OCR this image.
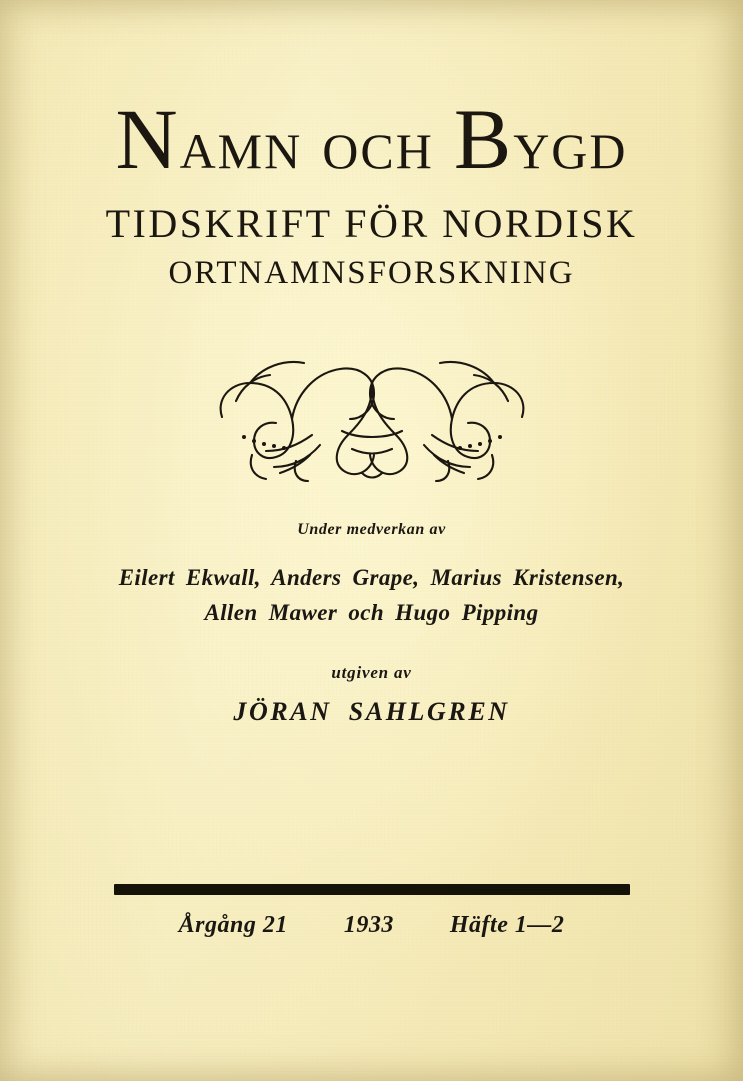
Namn och Bygd
TIDSKRIFT FÖR NORDISK
ORTNAMNSFORSKNING

Under medverkan av

Eilert Ekwall, Anders Grape, Marius Kristensen,

Allen Mawer och Hugo Pipping

utgiven av

JÖRAN SAHLGREN

Årgång 21 1933 Häfte 1—2
